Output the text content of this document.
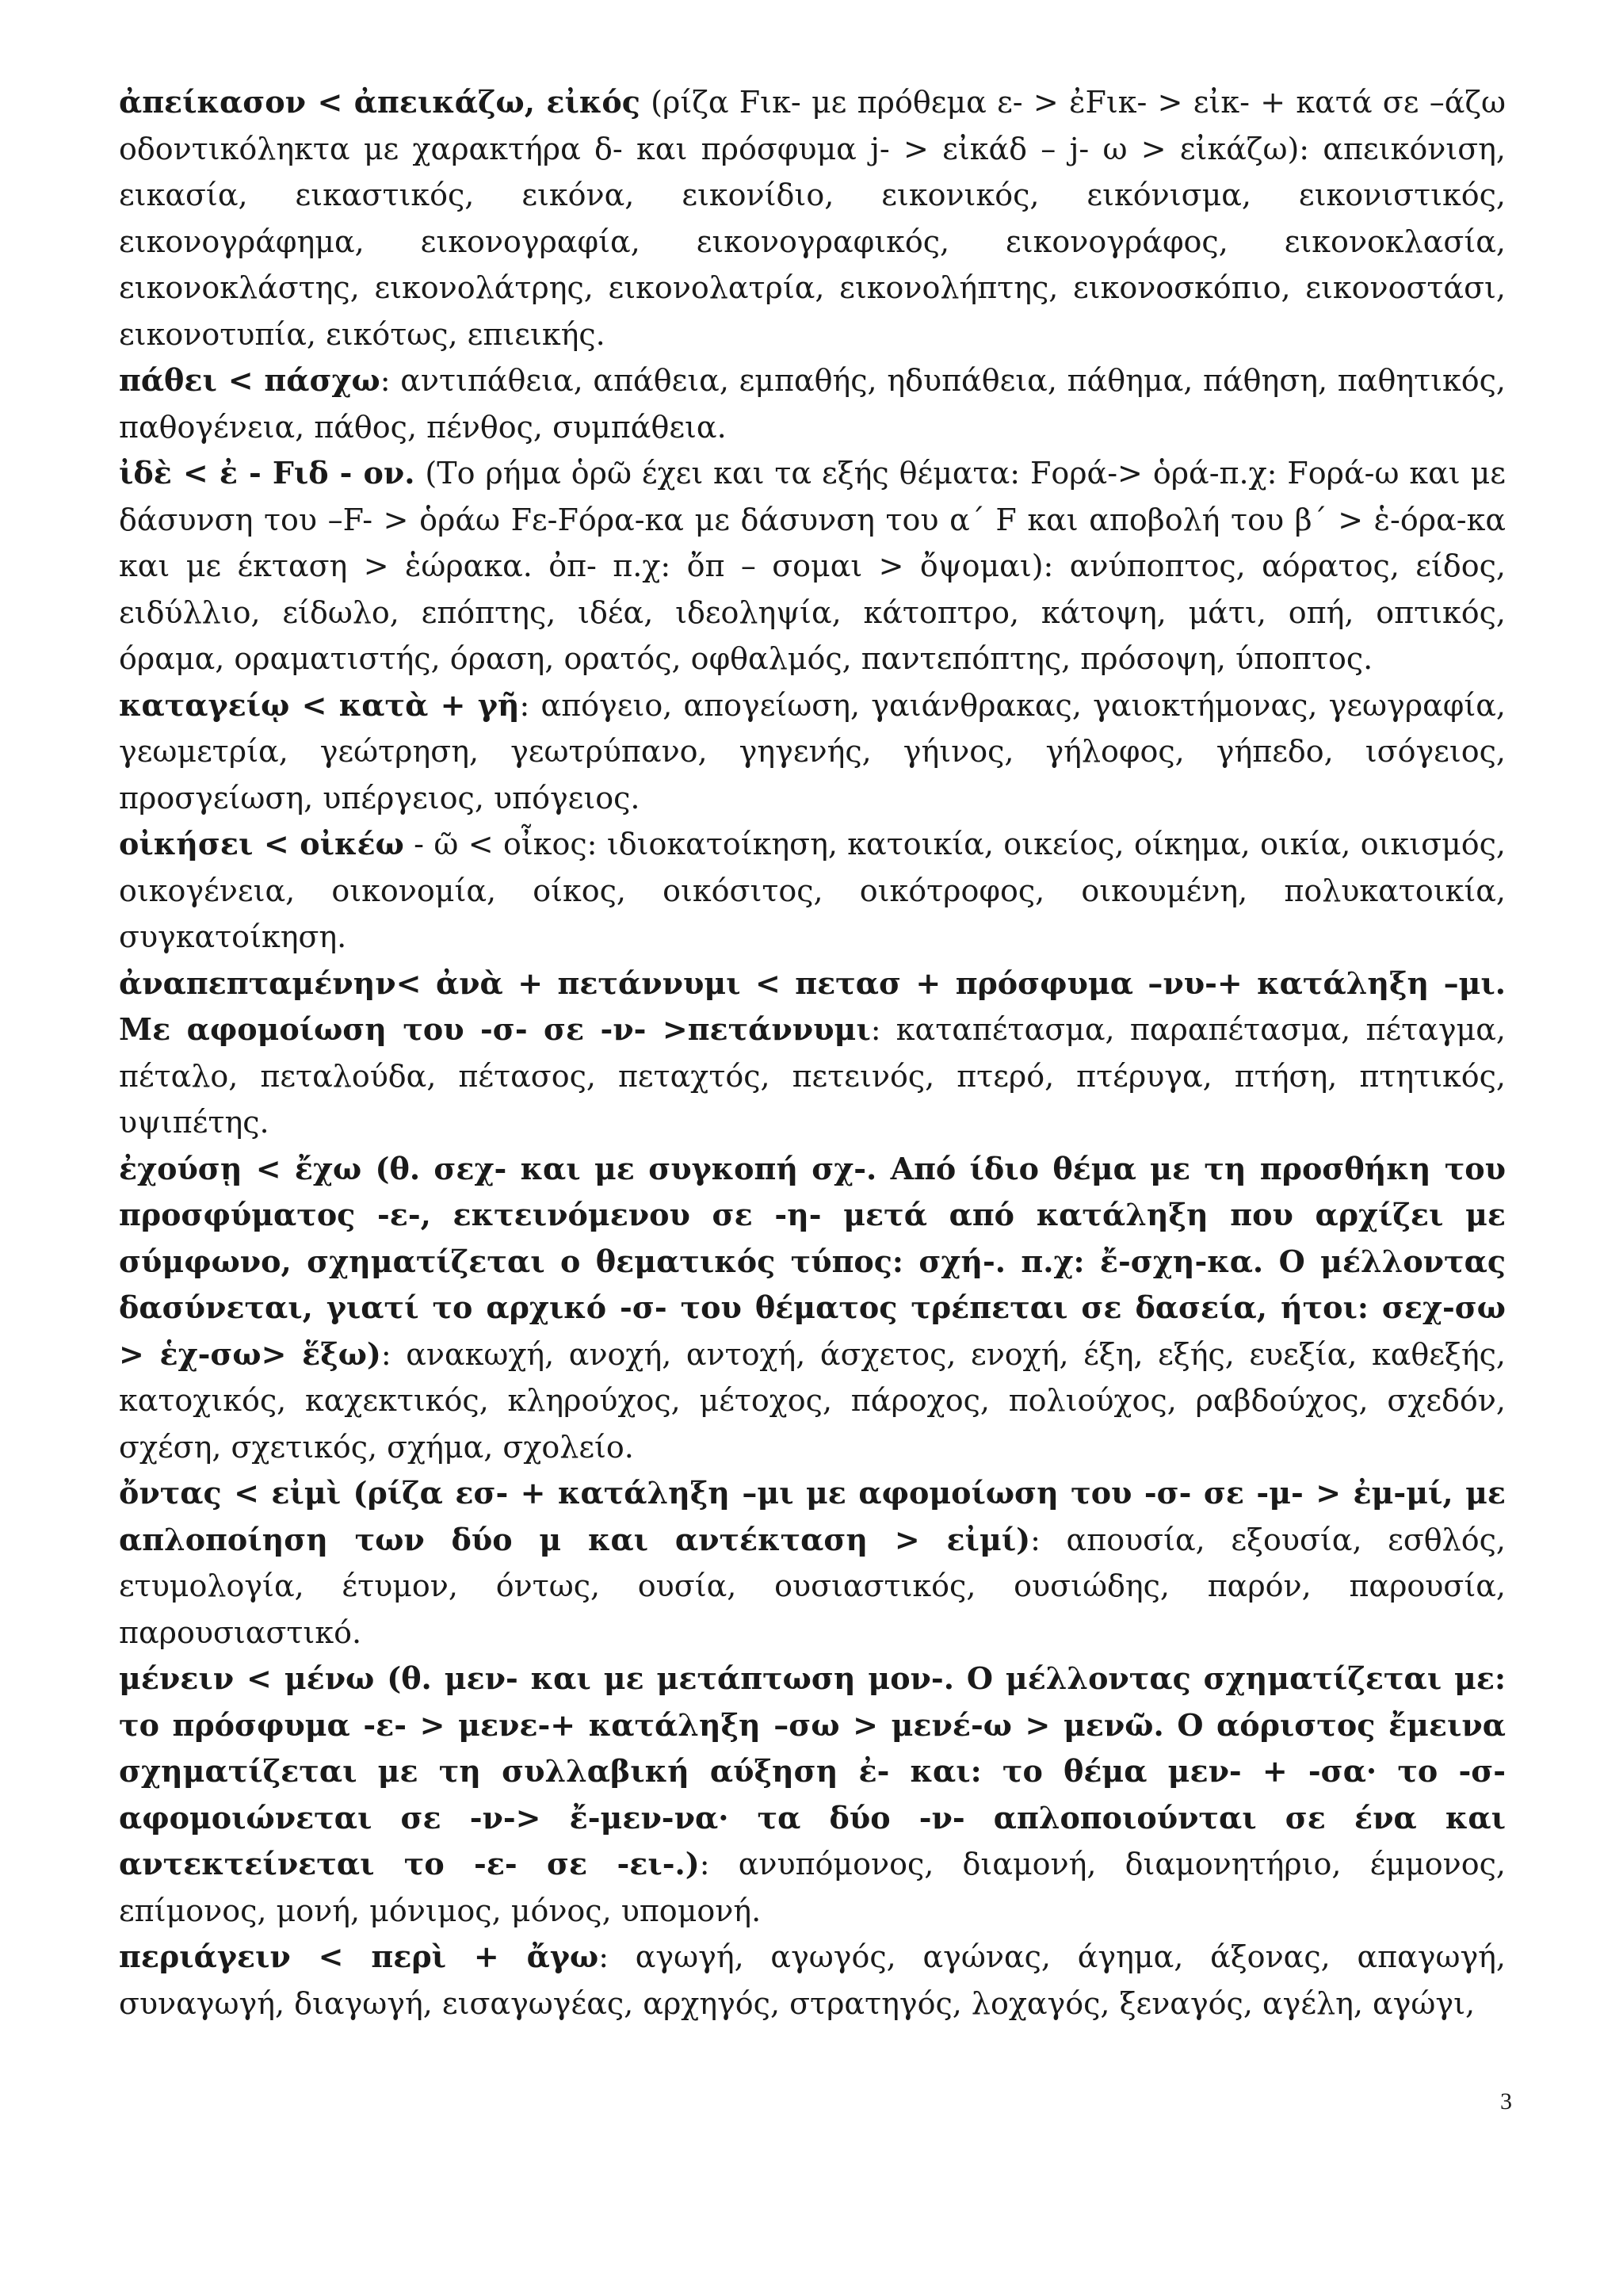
ἀπείκασον < ἀπεικάζω, εἰκός (ρίζα Fικ- με πρόθεμα ε- > ἐFικ- > εἰκ- + κατά σε –άζω οδοντικόληκτα με χαρακτήρα δ- και πρόσφυμα j- > εἰκάδ – j- ω > εἰκάζω): απεικόνιση, εικασία, εικαστικός, εικόνα, εικονίδιο, εικονικός, εικόνισμα, εικονιστικός, εικονογράφημα, εικονογραφία, εικονογραφικός, εικονογράφος, εικονοκλασία, εικονοκλάστης, εικονολάτρης, εικονολατρία, εικονολήπτης, εικονοσκόπιο, εικονοστάσι, εικονοτυπία, εικότως, επιεικής.

πάθει < πάσχω: αντιπάθεια, απάθεια, εμπαθής, ηδυπάθεια, πάθημα, πάθηση, παθητικός, παθογένεια, πάθος, πένθος, συμπάθεια.

ἰδὲ < ἐ - Fιδ - ον. (Το ρήμα ὁρῶ έχει και τα εξής θέματα: Fορά-> ὁρά-π.χ: Fορά-ω και με δάσυνση του –F- > ὁράω Fε-Fόρα-κα με δάσυνση του α΄ F και αποβολή του β΄ > ἑ-όρα-κα και με έκταση > ἑώρακα. ὀπ- π.χ: ὄπ – σομαι > ὄψομαι): ανύποπτος, αόρατος, είδος, ειδύλλιο, είδωλο, επόπτης, ιδέα, ιδεοληψία, κάτοπτρο, κάτοψη, μάτι, οπή, οπτικός, όραμα, οραματιστής, όραση, ορατός, οφθαλμός, παντεπόπτης, πρόσοψη, ύποπτος.

καταγείῳ < κατὰ + γῆ: απόγειο, απογείωση, γαιάνθρακας, γαιοκτήμονας, γεωγραφία, γεωμετρία, γεώτρηση, γεωτρύπανο, γηγενής, γήινος, γήλοφος, γήπεδο, ισόγειος, προσγείωση, υπέργειος, υπόγειος.

οἰκήσει < οἰκέω - ῶ < οἶκος: ιδιοκατοίκηση, κατοικία, οικείος, οίκημα, οικία, οικισμός, οικογένεια, οικονομία, οίκος, οικόσιτος, οικότροφος, οικουμένη, πολυκατοικία, συγκατοίκηση.

ἀναπεπταμένην< ἀνὰ + πετάννυμι < πετασ + πρόσφυμα –νυ-+ κατάληξη –μι. Με αφομοίωση του -σ- σε -ν- >πετάννυμι: καταπέτασμα, παραπέτασμα, πέταγμα, πέταλο, πεταλούδα, πέτασος, πεταχτός, πετεινός, πτερό, πτέρυγα, πτήση, πτητικός, υψιπέτης.

ἐχούσῃ < ἔχω (θ. σεχ- και με συγκοπή σχ-. Από ίδιο θέμα με τη προσθήκη του προσφύματος -ε-, εκτεινόμενου σε -η- μετά από κατάληξη που αρχίζει με σύμφωνο, σχηματίζεται ο θεματικός τύπος: σχή-. π.χ: ἔ-σχη-κα. Ο μέλλοντας δασύνεται, γιατί το αρχικό -σ- του θέματος τρέπεται σε δασεία, ήτοι: σεχ-σω > ἑχ-σω> ἕξω): ανακωχή, ανοχή, αντοχή, άσχετος, ενοχή, έξη, εξής, ευεξία, καθεξής, κατοχικός, καχεκτικός, κληρούχος, μέτοχος, πάροχος, πολιούχος, ραβδούχος, σχεδόν, σχέση, σχετικός, σχήμα, σχολείο.

ὄντας < εἰμὶ (ρίζα εσ- + κατάληξη –μι με αφομοίωση του -σ- σε -μ- > ἐμ-μί, με απλοποίηση των δύο μ και αντέκταση > εἰμί): απουσία, εξουσία, εσθλός, ετυμολογία, έτυμον, όντως, ουσία, ουσιαστικός, ουσιώδης, παρόν, παρουσία, παρουσιαστικό.

μένειν < μένω (θ. μεν- και με μετάπτωση μον-. Ο μέλλοντας σχηματίζεται με: το πρόσφυμα -ε- > μενε-+ κατάληξη –σω > μενέ-ω > μενῶ. Ο αόριστος ἔμεινα σχηματίζεται με τη συλλαβική αύξηση ἐ- και: το θέμα μεν- + -σα· το -σ- αφομοιώνεται σε -ν-> ἔ-μεν-να· τα δύο -ν- απλοποιούνται σε ένα και αντεκτείνεται το -ε- σε -ει-.): ανυπόμονος, διαμονή, διαμονητήριο, έμμονος, επίμονος, μονή, μόνιμος, μόνος, υπομονή.

περιάγειν < περὶ + ἄγω: αγωγή, αγωγός, αγώνας, άγημα, άξονας, απαγωγή, συναγωγή, διαγωγή, εισαγωγέας, αρχηγός, στρατηγός, λοχαγός, ξεναγός, αγέλη, αγώγι,

3
